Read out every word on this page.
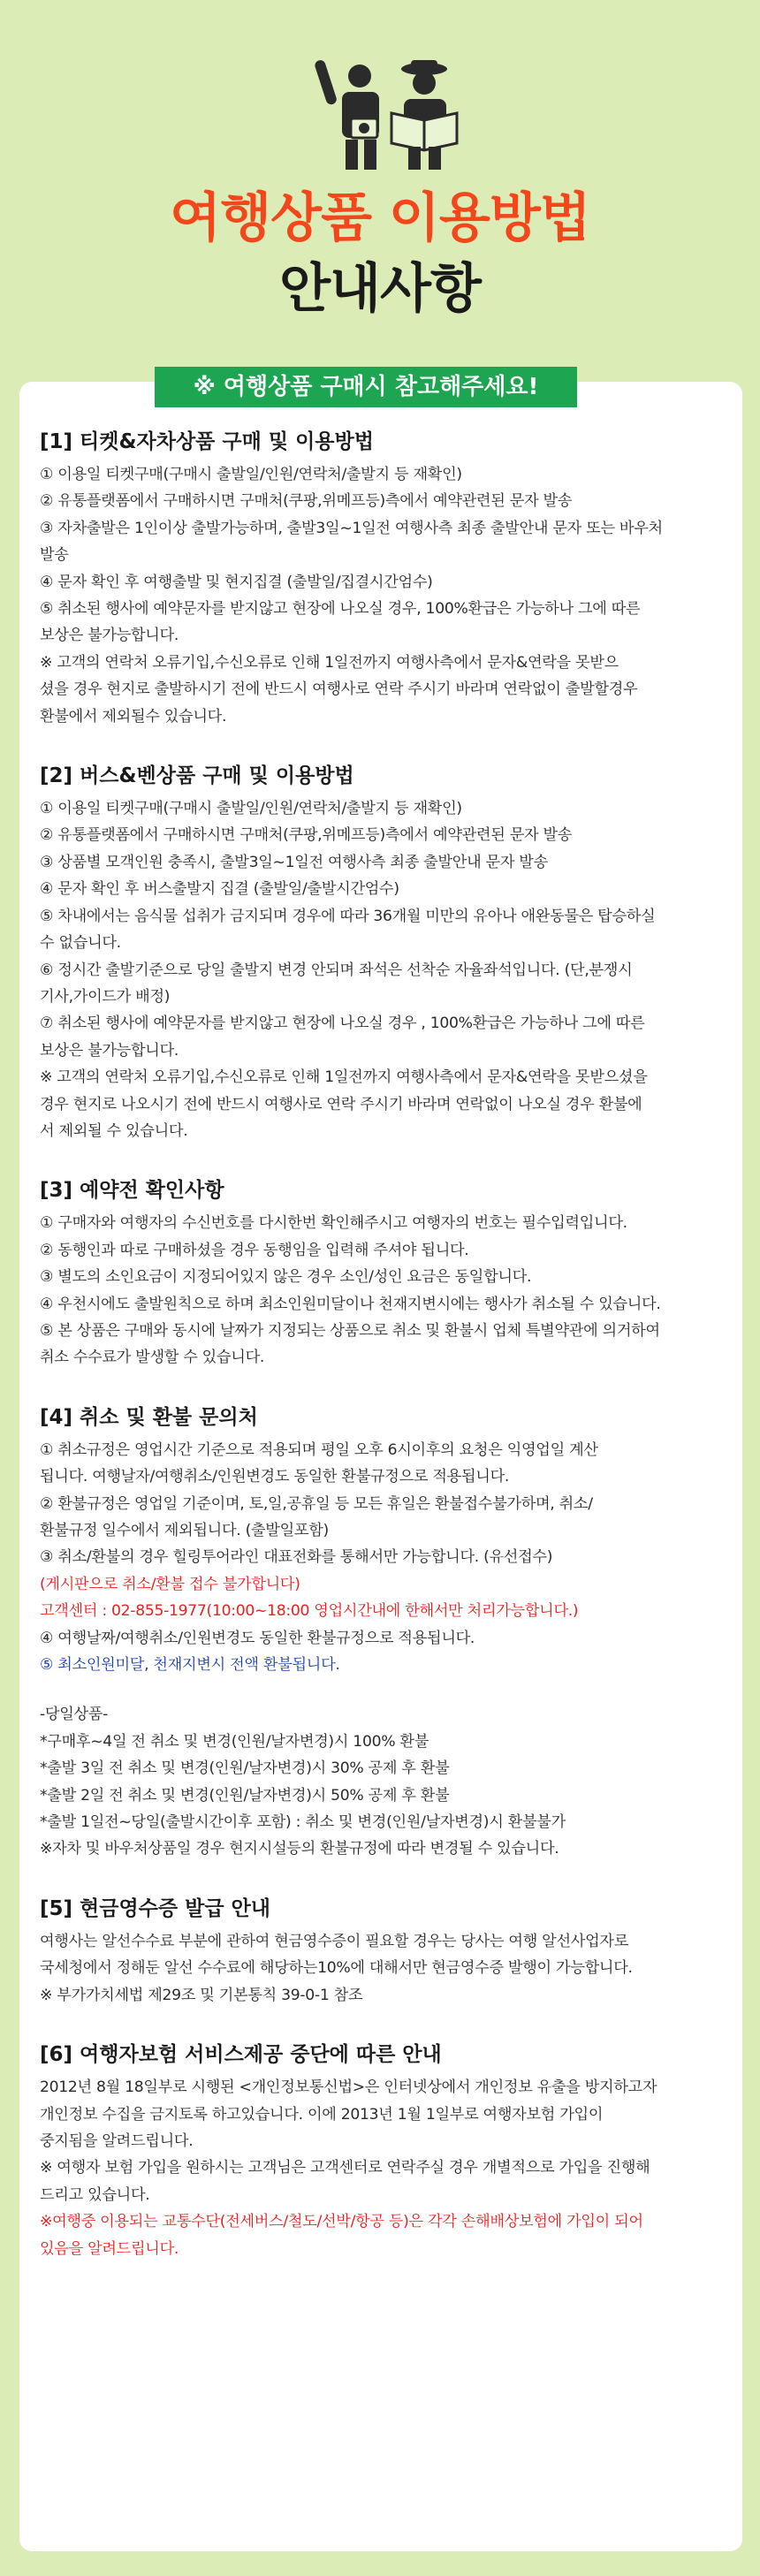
여행상품 이용방법
안내사항
※ 여행상품 구매시 참고해주세요!
[1] 티켓&자차상품 구매 및 이용방법
① 이용일 티켓구매(구매시 출발일/인원/연락처/출발지 등 재확인)
② 유통플랫폼에서 구매하시면 구매처(쿠팡,위메프등)측에서 예약관련된 문자 발송
③ 자차출발은 1인이상 출발가능하며, 출발3일~1일전 여행사측 최종 출발안내 문자 또는 바우처
발송
④ 문자 확인 후 여행출발 및 현지집결 (출발일/집결시간엄수)
⑤ 취소된 행사에 예약문자를 받지않고 현장에 나오실 경우, 100%환급은 가능하나 그에 따른
보상은 불가능합니다.
※ 고객의 연락처 오류기입,수신오류로 인해 1일전까지 여행사측에서 문자&연락을 못받으
셨을 경우 현지로 출발하시기 전에 반드시 여행사로 연락 주시기 바라며 연락없이 출발할경우
환불에서 제외될수 있습니다.
[2] 버스&벤상품 구매 및 이용방법
① 이용일 티켓구매(구매시 출발일/인원/연락처/출발지 등 재확인)
② 유통플랫폼에서 구매하시면 구매처(쿠팡,위메프등)측에서 예약관련된 문자 발송
③ 상품별 모객인원 충족시, 출발3일~1일전 여행사측 최종 출발안내 문자 발송
④ 문자 확인 후 버스출발지 집결 (출발일/출발시간엄수)
⑤ 차내에서는 음식물 섭취가 금지되며 경우에 따라 36개월 미만의 유아나 애완동물은 탑승하실
수 없습니다.
⑥ 정시간 출발기준으로 당일 출발지 변경 안되며 좌석은 선착순 자율좌석입니다. (단,분쟁시
기사,가이드가 배정)
⑦ 취소된 행사에 예약문자를 받지않고 현장에 나오실 경우 , 100%환급은 가능하나 그에 따른
보상은 불가능합니다.
※ 고객의 연락처 오류기입,수신오류로 인해 1일전까지 여행사측에서 문자&연락을 못받으셨을
경우 현지로 나오시기 전에 반드시 여행사로 연락 주시기 바라며 연락없이 나오실 경우 환불에
서 제외될 수 있습니다.
[3] 예약전 확인사항
① 구매자와 여행자의 수신번호를 다시한번 확인해주시고 여행자의 번호는 필수입력입니다.
② 동행인과 따로 구매하셨을 경우 동행임을 입력해 주셔야 됩니다.
③ 별도의 소인요금이 지정되어있지 않은 경우 소인/성인 요금은 동일합니다.
④ 우천시에도 출발원칙으로 하며 최소인원미달이나 천재지변시에는 행사가 취소될 수 있습니다.
⑤ 본 상품은 구매와 동시에 날짜가 지정되는 상품으로 취소 및 환불시 업체 특별약관에 의거하여
취소 수수료가 발생할 수 있습니다.
[4] 취소 및 환불 문의처
① 취소규정은 영업시간 기준으로 적용되며 평일 오후 6시이후의 요청은 익영업일 계산
됩니다. 여행날자/여행취소/인원변경도 동일한 환불규정으로 적용됩니다.
② 환불규정은 영업일 기준이며, 토,일,공휴일 등 모든 휴일은 환불접수불가하며, 취소/
환불규정 일수에서 제외됩니다. (출발일포함)
③ 취소/환불의 경우 힐링투어라인 대표전화를 통해서만 가능합니다. (유선접수)
(게시판으로 취소/환불 접수 불가합니다)
고객센터 : 02-855-1977(10:00~18:00 영업시간내에 한해서만 처리가능합니다.)
④ 여행날짜/여행취소/인원변경도 동일한 환불규정으로 적용됩니다.
⑤ 최소인원미달, 천재지변시 전액 환불됩니다.
-당일상품-
*구매후~4일 전 취소 및 변경(인원/날자변경)시 100% 환불
*출발 3일 전 취소 및 변경(인원/날자변경)시 30% 공제 후 환불
*출발 2일 전 취소 및 변경(인원/날자변경)시 50% 공제 후 환불
*출발 1일전~당일(출발시간이후 포함) : 취소 및 변경(인원/날자변경)시 환불불가
※자차 및 바우처상품일 경우 현지시설등의 환불규정에 따라 변경될 수 있습니다.
[5] 현금영수증 발급 안내
여행사는 알선수수료 부분에 관하여 현금영수증이 필요할 경우는 당사는 여행 알선사업자로
국세청에서 정해둔 알선 수수료에 해당하는10%에 대해서만 현금영수증 발행이 가능합니다.
※ 부가가치세법 제29조 및 기본통칙 39-0-1 참조
[6] 여행자보험 서비스제공 중단에 따른 안내
2012년 8월 18일부로 시행된 <개인정보통신법>은 인터넷상에서 개인정보 유출을 방지하고자
개인정보 수집을 금지토록 하고있습니다. 이에 2013년 1월 1일부로 여행자보험 가입이
중지됨을 알려드립니다.
※ 여행자 보험 가입을 원하시는 고객님은 고객센터로 연락주실 경우 개별적으로 가입을 진행해
드리고 있습니다.
※여행중 이용되는 교통수단(전세버스/철도/선박/항공 등)은 각각 손해배상보험에 가입이 되어
있음을 알려드립니다.
